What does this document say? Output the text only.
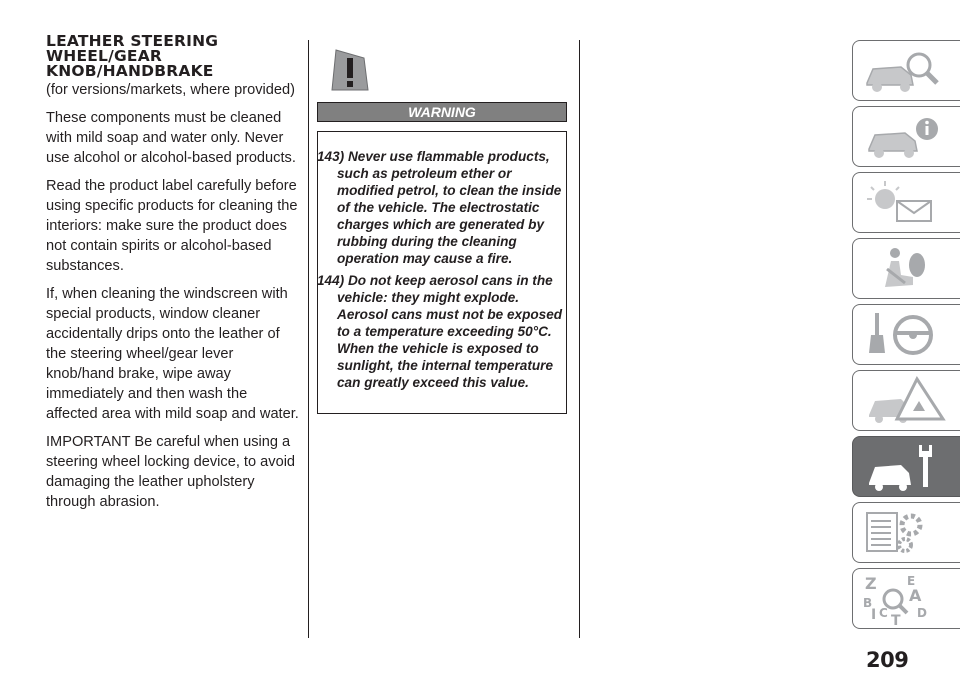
LEATHER STEERING
WHEEL/GEAR
KNOB/HANDBRAKE

(for versions/markets, where provided)

These components must be cleaned with mild soap and water only. Never use alcohol or alcohol-based products.

Read the product label carefully before using specific products for cleaning the interiors: make sure the product does not contain spirits or alcohol-based substances.

If, when cleaning the windscreen with special products, window cleaner accidentally drips onto the leather of the steering wheel/gear lever knob/hand brake, wipe away immediately and then wash the affected area with mild soap and water.

IMPORTANT Be careful when using a steering wheel locking device, to avoid damaging the leather upholstery through abrasion.

WARNING
143) Never use flammable products, such as petroleum ether or modified petrol, to clean the inside of the vehicle. The electrostatic charges which are generated by rubbing during the cleaning operation may cause a fire.
144) Do not keep aerosol cans in the vehicle: they might explode. Aerosol cans must not be exposed to a temperature exceeding 50°C. When the vehicle is exposed to sunlight, the internal temperature can greatly exceed this value.
Z	E
B A
I C T D
209
